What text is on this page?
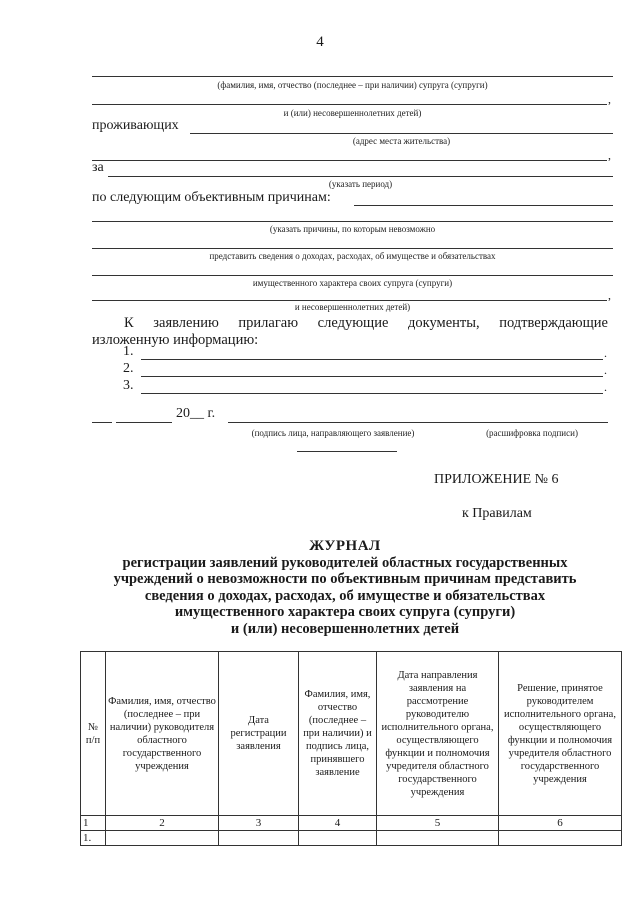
4
(фамилия, имя, отчество (последнее – при наличии) супруга (супруги)
,
и (или) несовершеннолетних детей)
проживающих
(адрес места жительства)
,
за
(указать период)
по следующим объективным причинам:
(указать причины, по которым невозможно
представить сведения о доходах, расходах, об имуществе и обязательствах
имущественного характера своих супруга (супруги)
,
и несовершеннолетних детей)
К заявлению прилагаю следующие документы, подтверждающие
изложенную информацию:
1.	.
2.	.
3.	.
20__ г.
(подпись лица, направляющего заявление)	(расшифровка подписи)
ПРИЛОЖЕНИЕ № 6
к Правилам
ЖУРНАЛ
регистрации заявлений руководителей областных государственных
учреждений о невозможности по объективным причинам представить
сведения о доходах, расходах, об имуществе и обязательствах
имущественного характера своих супруга (супруги)
и (или) несовершеннолетних детей
№ п/п	Фамилия, имя, отчество (последнее – при наличии) руководителя областного государственного учреждения	Дата регистрации заявления	Фамилия, имя, отчество (последнее – при наличии) и подпись лица, принявшего заявление	Дата направления заявления на рассмотрение руководителю исполнительного органа, осуществляющего функции и полномочия учредителя областного государственного учреждения	Решение, принятое руководителем исполнительного органа, осуществляющего функции и полномочия учредителя областного государственного учреждения
1	2	3	4	5	6
1.					
